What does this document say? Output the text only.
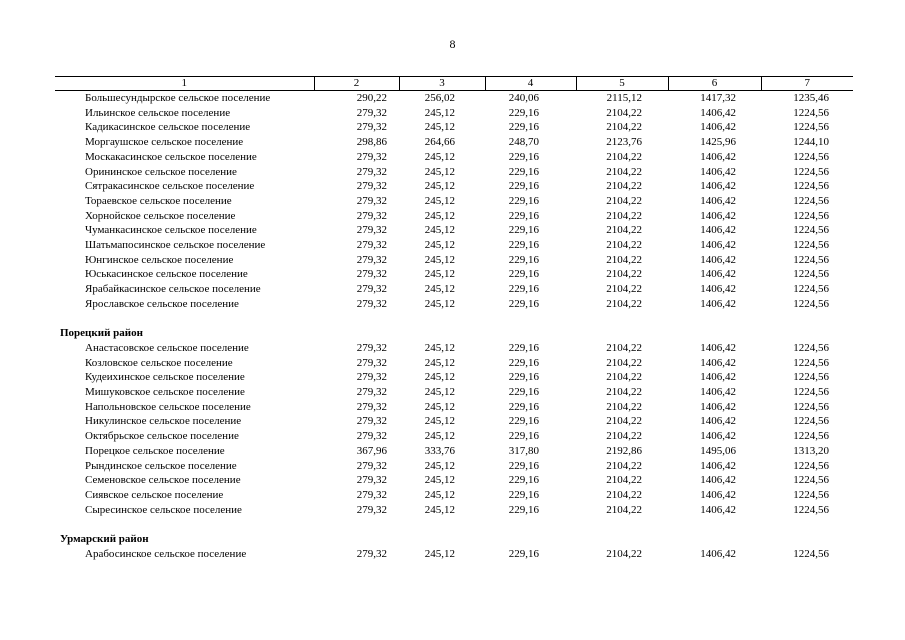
8
1	2	3	4	5	6	7
Большесундырское сельское поселение	290,22	256,02	240,06	2115,12	1417,32	1235,46
Ильинское сельское поселение	279,32	245,12	229,16	2104,22	1406,42	1224,56
Кадикасинское сельское поселение	279,32	245,12	229,16	2104,22	1406,42	1224,56
Моргаушское сельское поселение	298,86	264,66	248,70	2123,76	1425,96	1244,10
Москакасинское сельское поселение	279,32	245,12	229,16	2104,22	1406,42	1224,56
Орининское сельское поселение	279,32	245,12	229,16	2104,22	1406,42	1224,56
Сятракасинское сельское поселение	279,32	245,12	229,16	2104,22	1406,42	1224,56
Тораевское сельское поселение	279,32	245,12	229,16	2104,22	1406,42	1224,56
Хорнойское сельское поселение	279,32	245,12	229,16	2104,22	1406,42	1224,56
Чуманкасинское сельское поселение	279,32	245,12	229,16	2104,22	1406,42	1224,56
Шатьмапосинское сельское поселение	279,32	245,12	229,16	2104,22	1406,42	1224,56
Юнгинское сельское поселение	279,32	245,12	229,16	2104,22	1406,42	1224,56
Юськасинское сельское поселение	279,32	245,12	229,16	2104,22	1406,42	1224,56
Ярабайкасинское сельское поселение	279,32	245,12	229,16	2104,22	1406,42	1224,56
Ярославское сельское поселение	279,32	245,12	229,16	2104,22	1406,42	1224,56

Порецкий район						
Анастасовское сельское поселение	279,32	245,12	229,16	2104,22	1406,42	1224,56
Козловское сельское поселение	279,32	245,12	229,16	2104,22	1406,42	1224,56
Кудеихинское сельское поселение	279,32	245,12	229,16	2104,22	1406,42	1224,56
Мишуковское сельское поселение	279,32	245,12	229,16	2104,22	1406,42	1224,56
Напольновское сельское поселение	279,32	245,12	229,16	2104,22	1406,42	1224,56
Никулинское сельское поселение	279,32	245,12	229,16	2104,22	1406,42	1224,56
Октябрьское сельское поселение	279,32	245,12	229,16	2104,22	1406,42	1224,56
Порецкое сельское поселение	367,96	333,76	317,80	2192,86	1495,06	1313,20
Рындинское сельское поселение	279,32	245,12	229,16	2104,22	1406,42	1224,56
Семеновское сельское поселение	279,32	245,12	229,16	2104,22	1406,42	1224,56
Сиявское сельское поселение	279,32	245,12	229,16	2104,22	1406,42	1224,56
Сыресинское сельское поселение	279,32	245,12	229,16	2104,22	1406,42	1224,56

Урмарский район						
Арабосинское сельское поселение	279,32	245,12	229,16	2104,22	1406,42	1224,56
